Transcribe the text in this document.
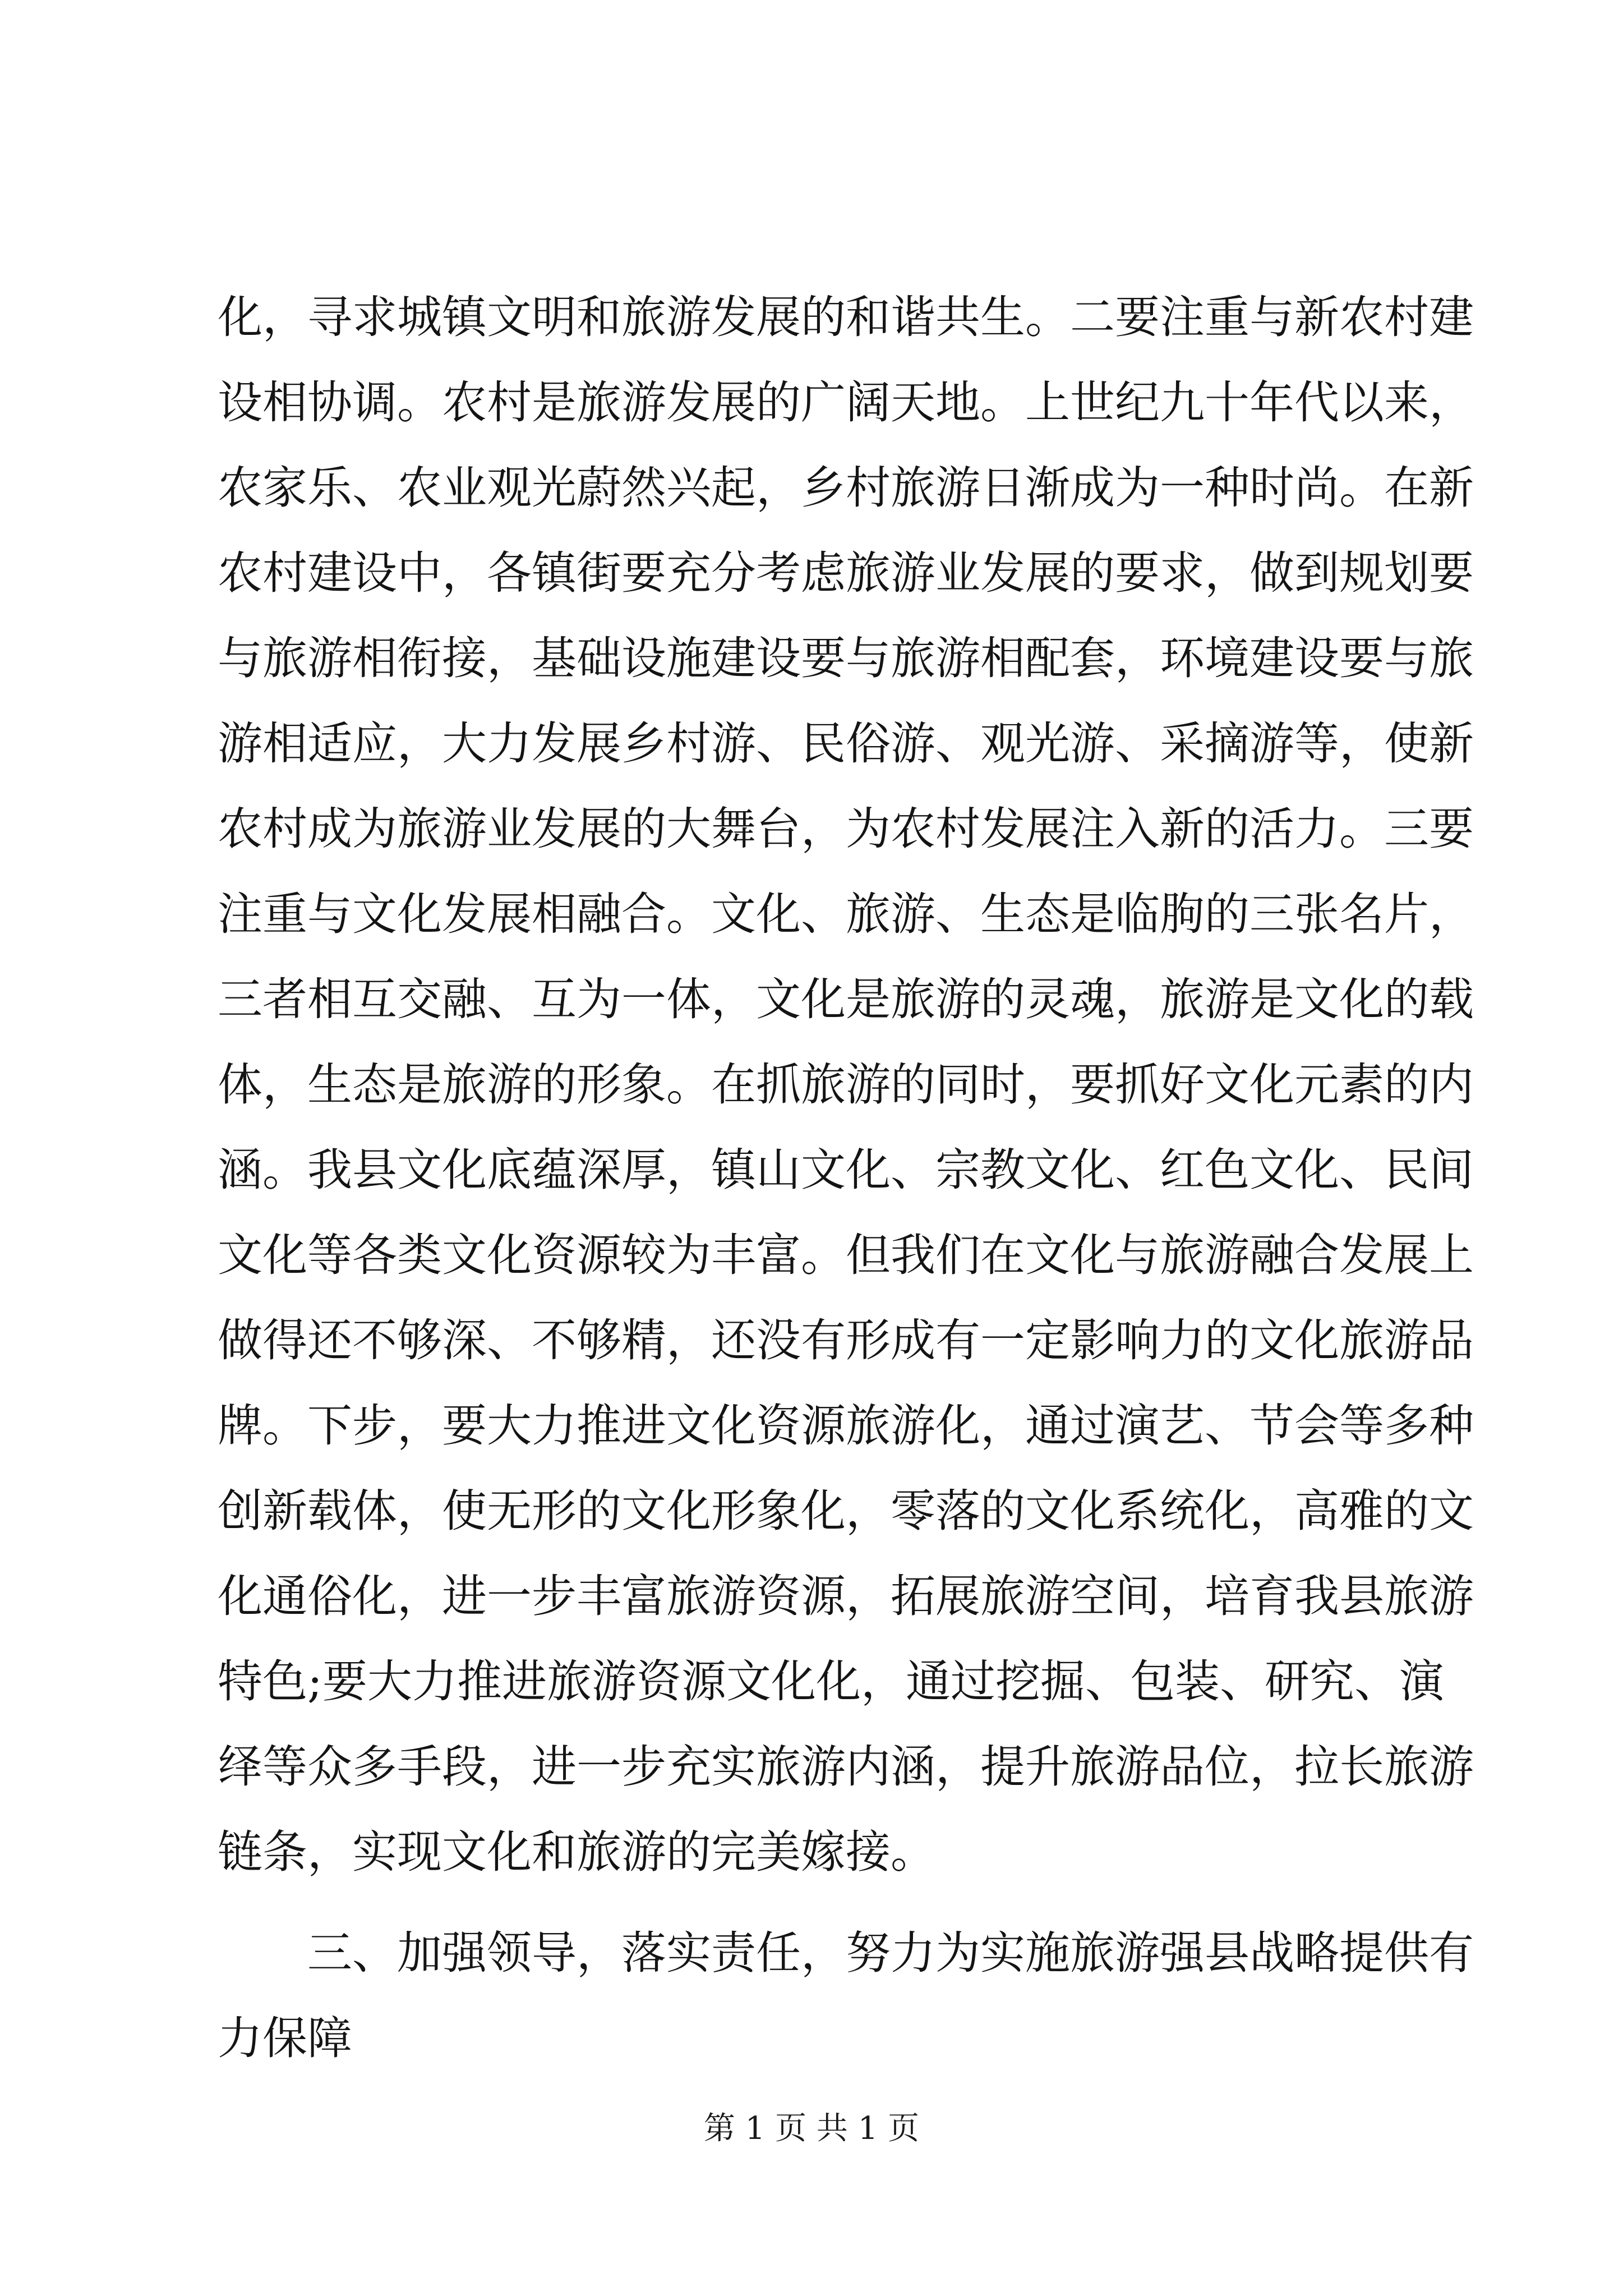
化，寻求城镇文明和旅游发展的和谐共生。二要注重与新农村建
设相协调。农村是旅游发展的广阔天地。上世纪九十年代以来，
农家乐、农业观光蔚然兴起，乡村旅游日渐成为一种时尚。在新
农村建设中，各镇街要充分考虑旅游业发展的要求，做到规划要
与旅游相衔接，基础设施建设要与旅游相配套，环境建设要与旅
游相适应，大力发展乡村游、民俗游、观光游、采摘游等，使新
农村成为旅游业发展的大舞台，为农村发展注入新的活力。三要
注重与文化发展相融合。文化、旅游、生态是临朐的三张名片，
三者相互交融、互为一体，文化是旅游的灵魂，旅游是文化的载
体，生态是旅游的形象。在抓旅游的同时，要抓好文化元素的内
涵。我县文化底蕴深厚，镇山文化、宗教文化、红色文化、民间
文化等各类文化资源较为丰富。但我们在文化与旅游融合发展上
做得还不够深、不够精，还没有形成有一定影响力的文化旅游品
牌。下步，要大力推进文化资源旅游化，通过演艺、节会等多种
创新载体，使无形的文化形象化，零落的文化系统化，高雅的文
化通俗化，进一步丰富旅游资源，拓展旅游空间，培育我县旅游
特色;要大力推进旅游资源文化化，通过挖掘、包装、研究、演
绎等众多手段，进一步充实旅游内涵，提升旅游品位，拉长旅游
链条，实现文化和旅游的完美嫁接。
三、加强领导，落实责任，努力为实施旅游强县战略提供有
力保障
第 1 页 共 1 页
